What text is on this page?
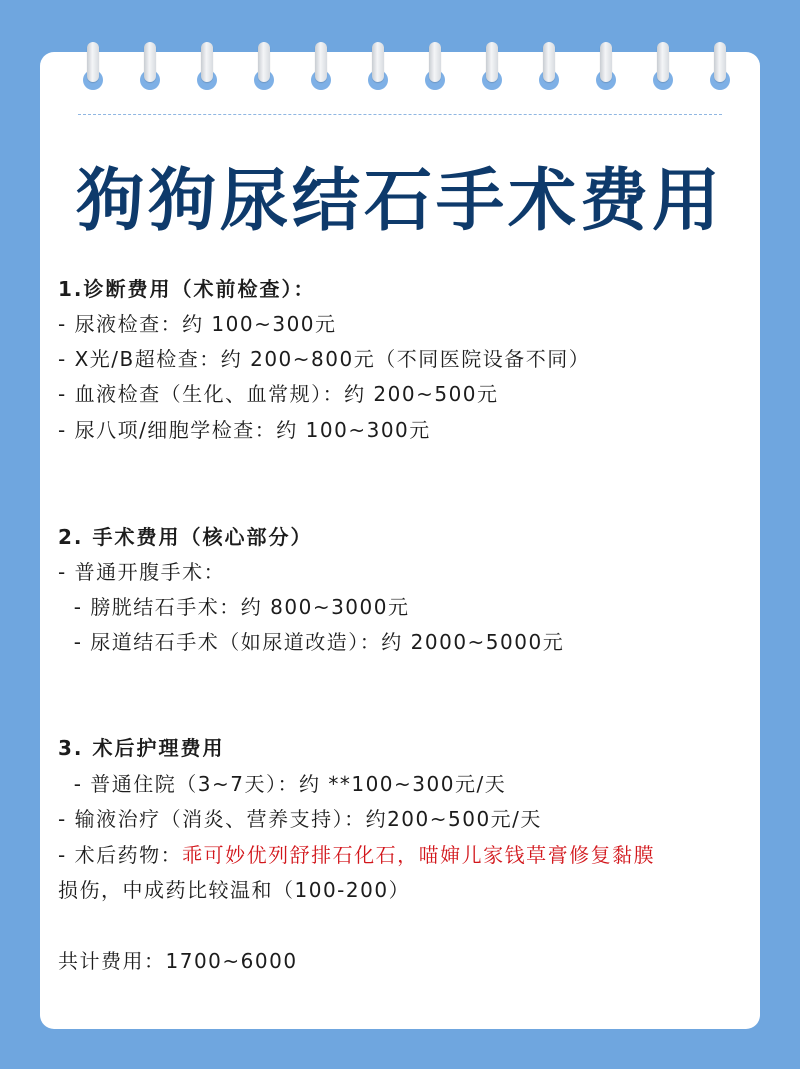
狗狗尿结石手术费用
1.诊断费用（术前检查）：
- 尿液检查：约 100~300元
- X光/B超检查：约 200~800元（不同医院设备不同）
- 血液检查（生化、血常规）：约 200~500元
- 尿八项/细胞学检查：约 100~300元
2. 手术费用（核心部分）
- 普通开腹手术：
- 膀胱结石手术：约 800~3000元
- 尿道结石手术（如尿道改造）：约 2000~5000元
3. 术后护理费用
- 普通住院（3~7天）：约 **100~300元/天
- 输液治疗（消炎、营养支持）：约200~500元/天
- 术后药物：乖可妙优列舒排石化石，喵婶儿家钱草膏修复黏膜
损伤，中成药比较温和（100-200）
共计费用：1700~6000
